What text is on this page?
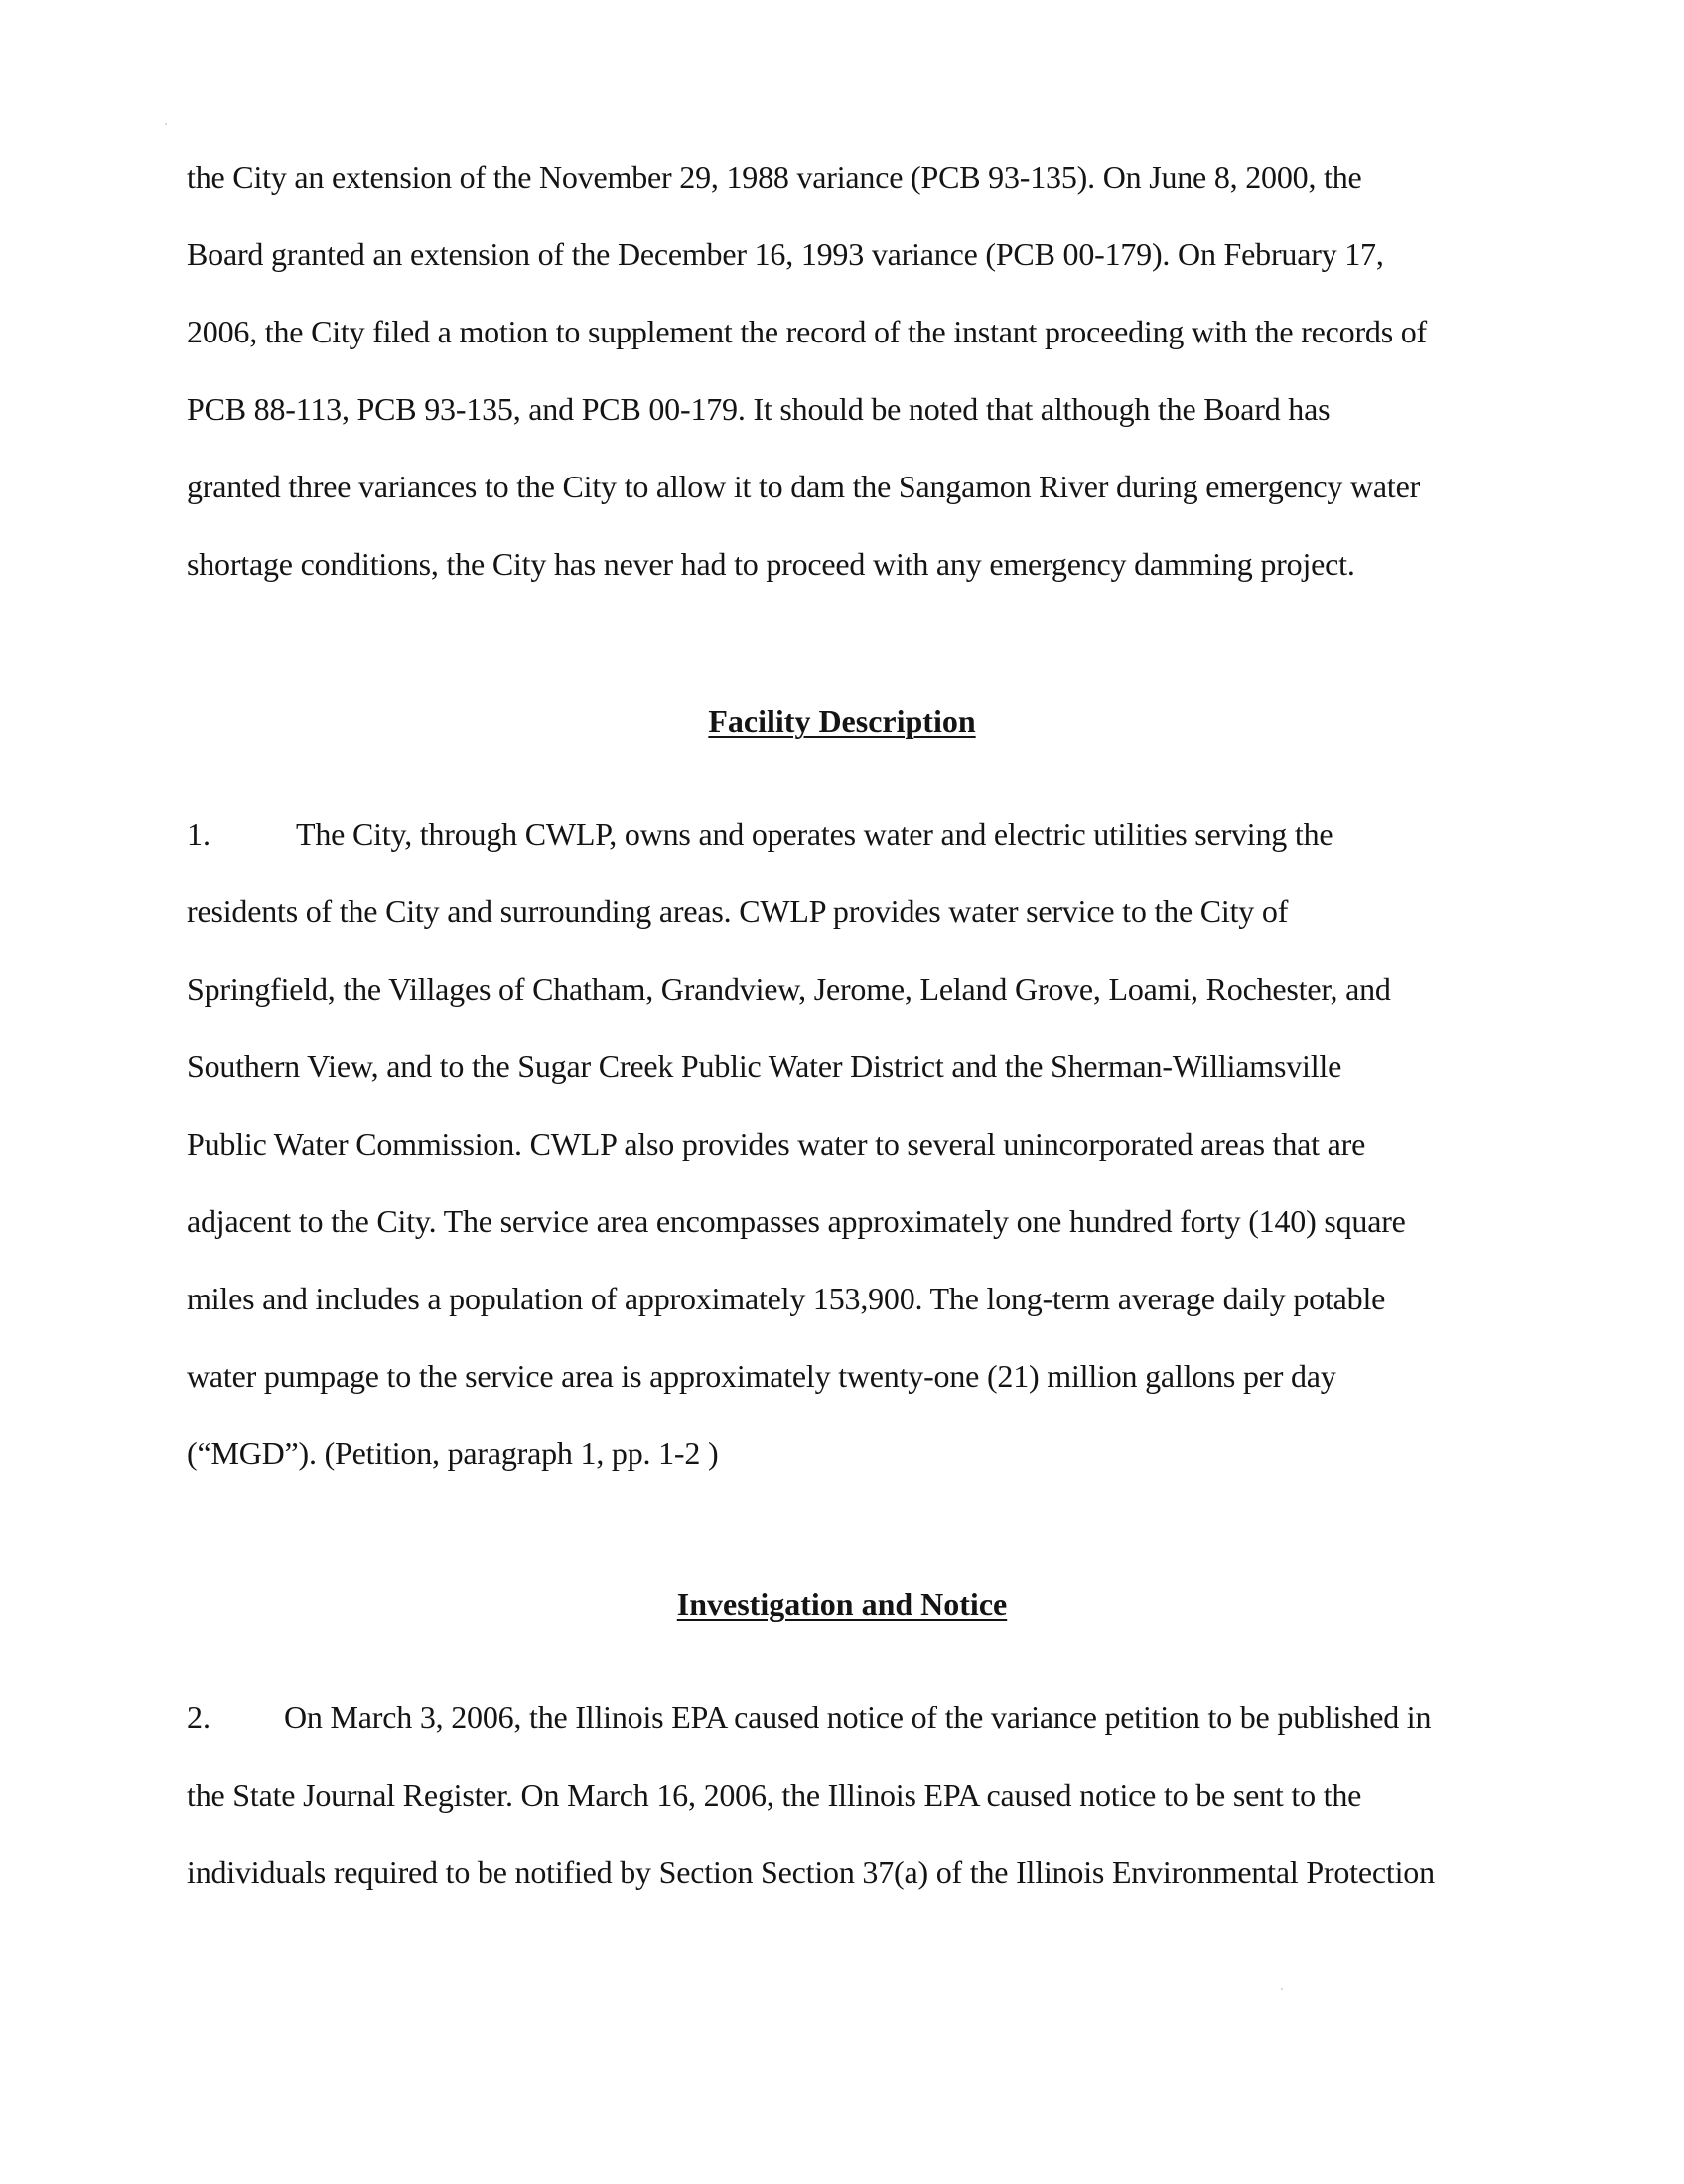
the City an extension of the November 29, 1988 variance (PCB 93-135). On June 8, 2000, the
Board granted an extension of the December 16, 1993 variance (PCB 00-179). On February 17,
2006, the City filed a motion to supplement the record of the instant proceeding with the records of
PCB 88-113, PCB 93-135, and PCB 00-179. It should be noted that although the Board has
granted three variances to the City to allow it to dam the Sangamon River during emergency water
shortage conditions, the City has never had to proceed with any emergency damming project.
Facility Description
1.	The City, through CWLP, owns and operates water and electric utilities serving the
residents of the City and surrounding areas. CWLP provides water service to the City of
Springfield, the Villages of Chatham, Grandview, Jerome, Leland Grove, Loami, Rochester, and
Southern View, and to the Sugar Creek Public Water District and the Sherman-Williamsville
Public Water Commission. CWLP also provides water to several unincorporated areas that are
adjacent to the City. The service area encompasses approximately one hundred forty (140) square
miles and includes a population of approximately 153,900. The long-term average daily potable
water pumpage to the service area is approximately twenty-one (21) million gallons per day
(“MGD”). (Petition, paragraph 1, pp. 1-2 )
Investigation and Notice
2. On March 3, 2006, the Illinois EPA caused notice of the variance petition to be published in
the State Journal Register. On March 16, 2006, the Illinois EPA caused notice to be sent to the
individuals required to be notified by Section Section 37(a) of the Illinois Environmental Protection
